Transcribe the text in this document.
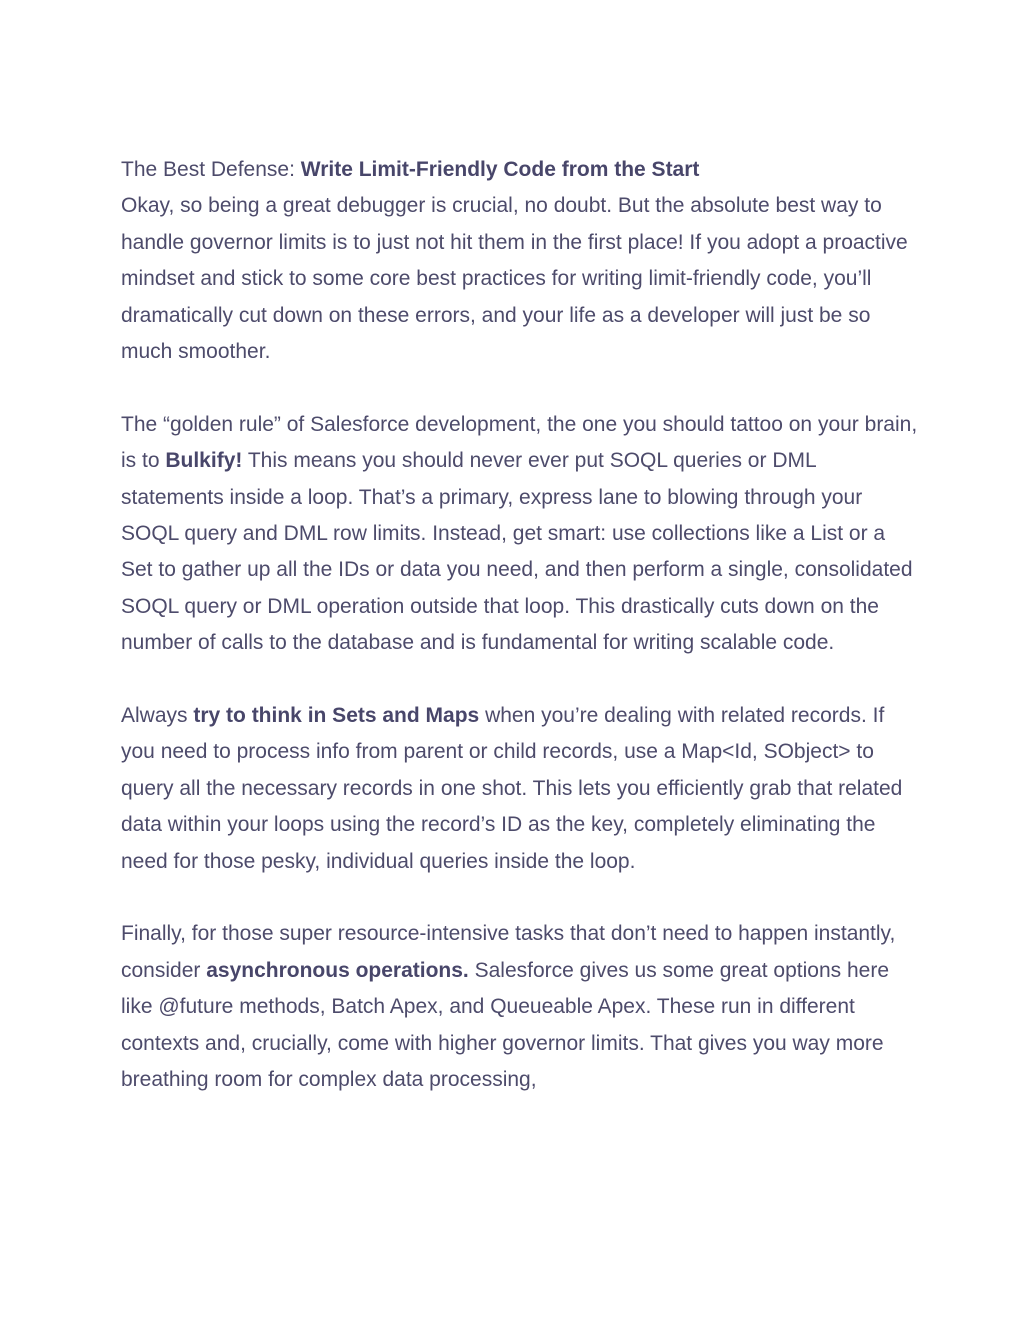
The Best Defense: Write Limit-Friendly Code from the Start

Okay, so being a great debugger is crucial, no doubt. But the absolute best way to handle governor limits is to just not hit them in the first place! If you adopt a proactive mindset and stick to some core best practices for writing limit-friendly code, you’ll dramatically cut down on these errors, and your life as a developer will just be so much smoother.

The “golden rule” of Salesforce development, the one you should tattoo on your brain, is to Bulkify! This means you should never ever put SOQL queries or DML statements inside a loop. That’s a primary, express lane to blowing through your SOQL query and DML row limits. Instead, get smart: use collections like a List or a Set to gather up all the IDs or data you need, and then perform a single, consolidated SOQL query or DML operation outside that loop. This drastically cuts down on the number of calls to the database and is fundamental for writing scalable code.

Always try to think in Sets and Maps when you’re dealing with related records. If you need to process info from parent or child records, use a Map<Id, SObject> to query all the necessary records in one shot. This lets you efficiently grab that related data within your loops using the record’s ID as the key, completely eliminating the need for those pesky, individual queries inside the loop.

Finally, for those super resource-intensive tasks that don’t need to happen instantly, consider asynchronous operations. Salesforce gives us some great options here like @future methods, Batch Apex, and Queueable Apex. These run in different contexts and, crucially, come with higher governor limits. That gives you way more breathing room for complex data processing,
